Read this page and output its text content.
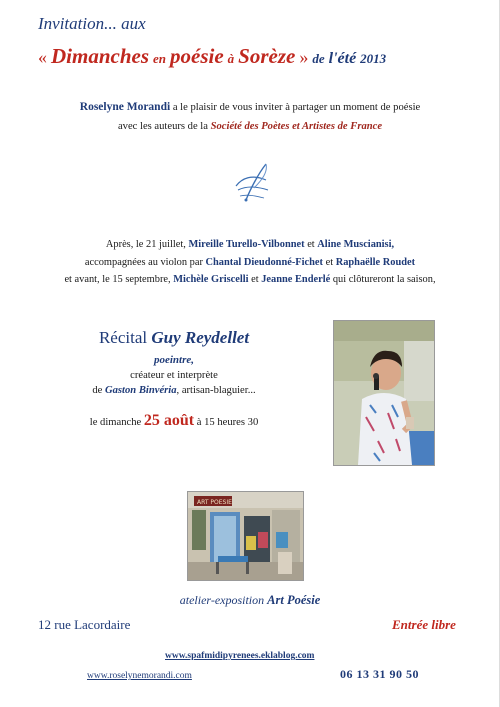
Invitation... aux
« Dimanches en poésie à Sorèze » de l'été 2013
Roselyne Morandi a le plaisir de vous inviter à partager un moment de poésie
avec les auteurs de la Société des Poètes et Artistes de France
Après, le 21 juillet, Mireille Turello-Vilbonnet et Aline Muscianisi,
accompagnées au violon par Chantal Dieudonné-Fichet et Raphaëlle Roudet
et avant, le 15 septembre, Michèle Griscelli et Jeanne Enderlé qui clôtureront la saison,
Récital Guy Reydellet
poeintre,
créateur et interprète
de Gaston Binvéria, artisan-blaguier...
le dimanche 25 août à 15 heures 30
ART POESIE
atelier-exposition Art Poésie
12 rue Lacordaire	Entrée libre
www.spafmidipyrenees.eklablog.com
www.roselynemorandi.com	06 13 31 90 50
